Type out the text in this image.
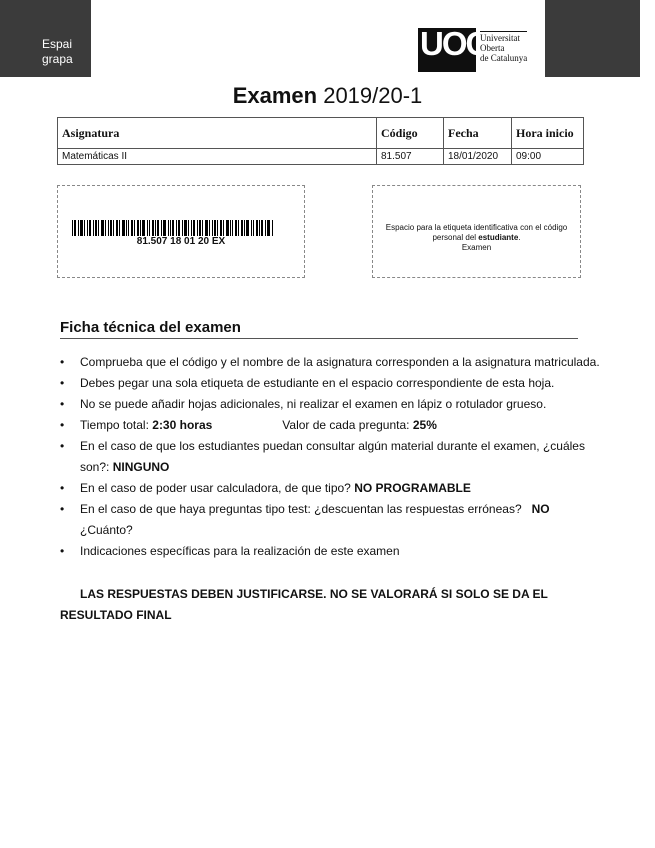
Espai
grapa	UOC
Universitat
Oberta
de Catalunya
Examen 2019/20-1
Asignatura	Código	Fecha	Hora inicio
Matemáticas II	81.507	18/01/2020	09:00
81.507 18 01 20 EX
Espacio para la etiqueta identificativa con el código
personal del estudiante.
Examen
Ficha técnica del examen
• Comprueba que el código y el nombre de la asignatura corresponden a la asignatura matriculada.
• Debes pegar una sola etiqueta de estudiante en el espacio correspondiente de esta hoja.
• No se puede añadir hojas adicionales, ni realizar el examen en lápiz o rotulador grueso.
• Tiempo total: 2:30 horas	Valor de cada pregunta: 25%
• En el caso de que los estudiantes puedan consultar algún material durante el examen, ¿cuáles son?: NINGUNO
• En el caso de poder usar calculadora, de que tipo? NO PROGRAMABLE
• En el caso de que haya preguntas tipo test: ¿descuentan las respuestas erróneas?   NO ¿Cuánto?
• Indicaciones específicas para la realización de este examen
LAS RESPUESTAS DEBEN JUSTIFICARSE. NO SE VALORARÁ SI SOLO SE DA EL
RESULTADO FINAL
